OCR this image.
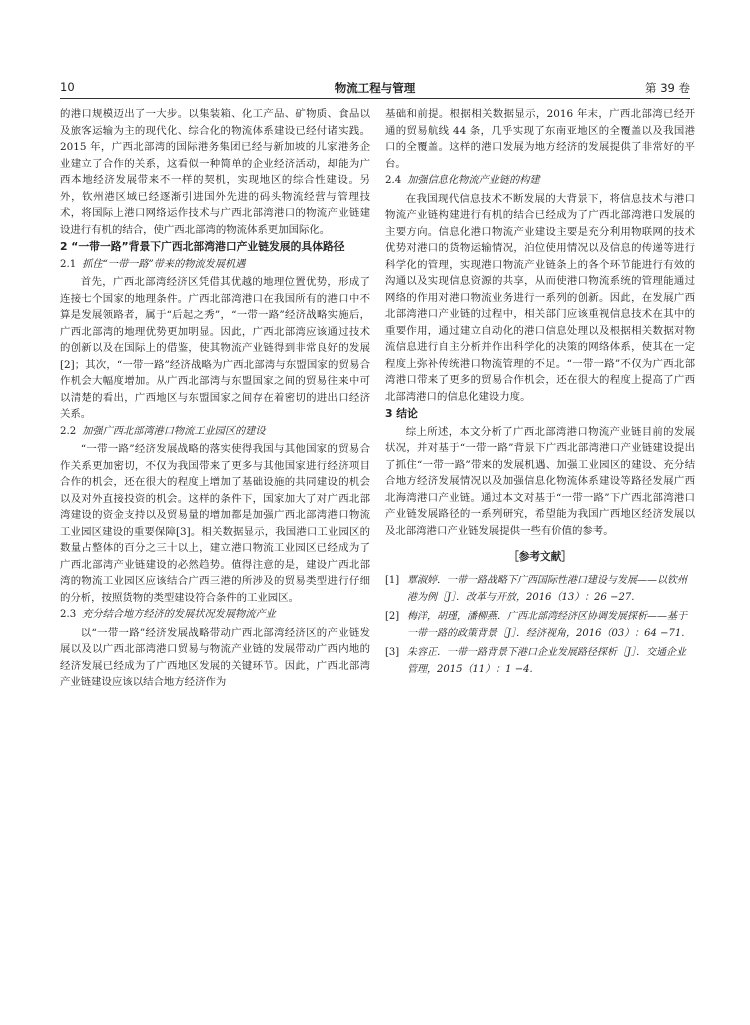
10	物流工程与管理	第 39 卷
的港口规模迈出了一大步。以集装箱、化工产品、矿物质、食品以及旅客运输为主的现代化、综合化的物流体系建设已经付诸实践。2015 年，广西北部湾的国际港务集团已经与新加坡的儿家港务企业建立了合作的关系，这看似一种简单的企业经济活动，却能为广西本地经济发展带来不一样的契机，实现地区的综合性建设。另外，钦州港区域已经逐渐引进国外先进的码头物流经营与管理技术，将国际上港口网络运作技术与广西北部湾港口的物流产业链建设进行有机的结合，使广西北部湾的物流体系更加国际化。
2 “一带一路”背景下广西北部湾港口产业链发展的具体路径
2.1 抓住“一带一路”带来的物流发展机遇
首先，广西北部湾经济区凭借其优越的地理位置优势，形成了连接七个国家的地理条件。广西北部湾港口在我国所有的港口中不算是发展领路者，属于“后起之秀”，“一带一路”经济战略实施后，广西北部湾的地理优势更加明显。因此，广西北部湾应该通过技术的创新以及在国际上的借鉴，使其物流产业链得到非常良好的发展[2]；其次，“一带一路”经济战略为广西北部湾与东盟国家的贸易合作机会大幅度增加。从广西北部湾与东盟国家之间的贸易往来中可以清楚的看出，广西地区与东盟国家之间存在着密切的进出口经济关系。
2.2 加强广西北部湾港口物流工业园区的建设
“一带一路”经济发展战略的落实使得我国与其他国家的贸易合作关系更加密切，不仅为我国带来了更多与其他国家进行经济项目合作的机会，还在很大的程度上增加了基础设施的共同建设的机会以及对外直接投资的机会。这样的条件下，国家加大了对广西北部湾建设的资金支持以及贸易量的增加都是加强广西北部湾港口物流工业园区建设的重要保障[3]。相关数据显示，我国港口工业园区的数量占整体的百分之三十以上，建立港口物流工业园区已经成为了广西北部湾产业链建设的必然趋势。值得注意的是，建设广西北部湾的物流工业园区应该结合广西三港的所涉及的贸易类型进行仔细的分析，按照货物的类型建设符合条件的工业园区。
2.3 充分结合地方经济的发展状况发展物流产业
以“一带一路”经济发展战略带动广西北部湾经济区的产业链发展以及以广西北部湾港口贸易与物流产业链的发展带动广西内地的经济发展已经成为了广西地区发展的关键环节。因此，广西北部湾产业链建设应该以结合地方经济作为
基础和前提。根据相关数据显示，2016 年末，广西北部湾已经开通的贸易航线 44 条，几乎实现了东南亚地区的全覆盖以及我国港口的全覆盖。这样的港口发展为地方经济的发展提供了非常好的平台。
2.4 加强信息化物流产业链的构建
在我国现代信息技术不断发展的大背景下，将信息技术与港口物流产业链构建进行有机的结合已经成为了广西北部湾港口发展的主要方向。信息化港口物流产业建设主要是充分利用物联网的技术优势对港口的货物运输情况，泊位使用情况以及信息的传递等进行科学化的管理，实现港口物流产业链条上的各个环节能进行有效的沟通以及实现信息资源的共享，从而使港口物流系统的管理能通过网络的作用对港口物流业务进行一系列的创新。因此，在发展广西北部湾港口产业链的过程中，相关部门应该重视信息技术在其中的重要作用，通过建立自动化的港口信息处理以及根据相关数据对物流信息进行自主分析并作出科学化的决策的网络体系，使其在一定程度上弥补传统港口物流管理的不足。“一带一路”不仅为广西北部湾港口带来了更多的贸易合作机会，还在很大的程度上提高了广西北部湾港口的信息化建设力度。
3 结论
综上所述，本文分析了广西北部湾港口物流产业链目前的发展状况，并对基于“一带一路”背景下广西北部湾港口产业链建设提出了抓住“一带一路”带来的发展机遇、加强工业园区的建设、充分结合地方经济发展情况以及加强信息化物流体系建设等路径发展广西北海湾港口产业链。通过本文对基于“一带一路”下广西北部湾港口产业链发展路径的一系列研究，希望能为我国广西地区经济发展以及北部湾港口产业链发展提供一些有价值的参考。
［参考文献］
[1] 覃淑婷．一带一路战略下广西国际性港口建设与发展——以钦州港为例［J］．改革与开放，2016（13）：26 −27.
[2] 梅洋，胡瑾，潘柳燕．广西北部湾经济区协调发展探析——基于一带一路的政策背景［J］．经济视角，2016（03）：64 −71.
[3] 朱容正．一带一路背景下港口企业发展路径探析［J］．交通企业管理，2015（11）：1 −4.
